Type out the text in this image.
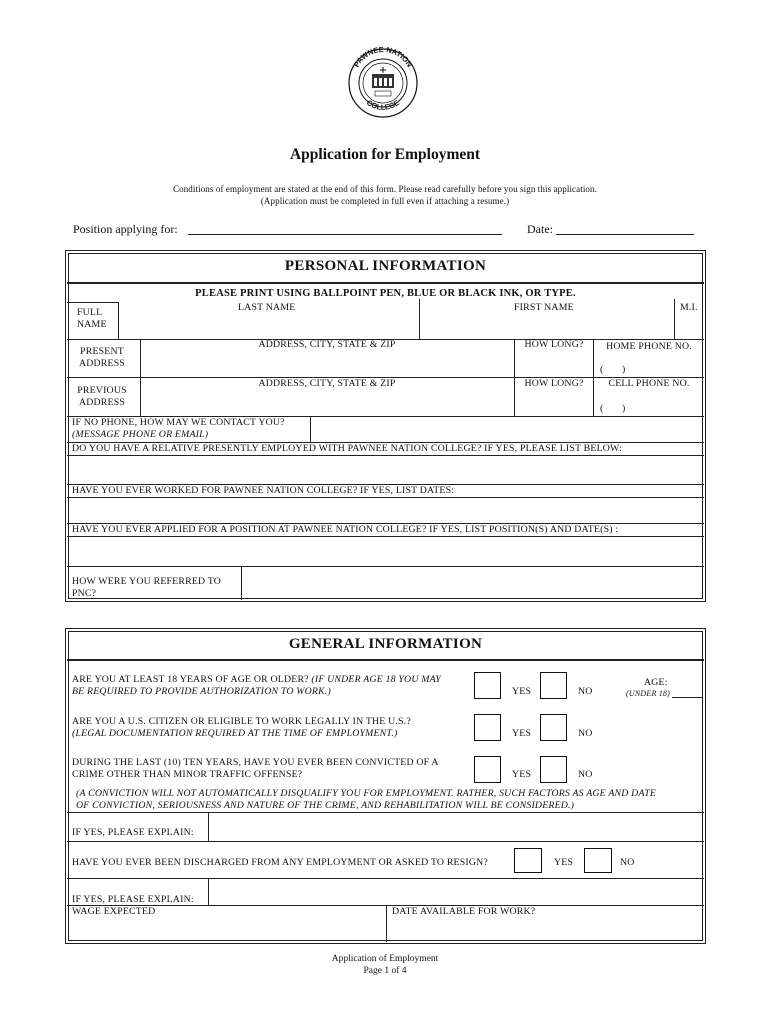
PAWNEE NATION
COLLEGE
Application for Employment
Conditions of employment are stated at the end of this form. Please read carefully before you sign this application.
(Application must be completed in full even if attaching a resume.)
Position applying for:	Date:
PERSONAL INFORMATION
PLEASE PRINT USING BALLPOINT PEN, BLUE OR BLACK INK, OR TYPE.
FULL NAME
LAST NAME	FIRST NAME	M.I.
PRESENT ADDRESS
ADDRESS, CITY, STATE & ZIP	HOW LONG?	HOME PHONE NO.
(       )
PREVIOUS ADDRESS
ADDRESS, CITY, STATE & ZIP	HOW LONG?	CELL PHONE NO.
(       )
IF NO PHONE, HOW MAY WE CONTACT YOU?
(MESSAGE PHONE OR EMAIL)
DO YOU HAVE A RELATIVE PRESENTLY EMPLOYED WITH PAWNEE NATION COLLEGE? IF YES, PLEASE LIST BELOW:
HAVE YOU EVER WORKED FOR PAWNEE NATION COLLEGE? IF YES, LIST DATES:
HAVE YOU EVER APPLIED FOR A POSITION AT PAWNEE NATION COLLEGE? IF YES, LIST POSITION(S) AND DATE(S) :
HOW WERE YOU REFERRED TO PNC?
GENERAL INFORMATION
ARE YOU AT LEAST 18 YEARS OF AGE OR OLDER? (IF UNDER AGE 18 YOU MAY
BE REQUIRED TO PROVIDE AUTHORIZATION TO WORK.)	YES	NO
AGE:
(UNDER 18)
ARE YOU A U.S. CITIZEN OR ELIGIBLE TO WORK LEGALLY IN THE U.S.?
(LEGAL DOCUMENTATION REQUIRED AT THE TIME OF EMPLOYMENT.)	YES	NO
DURING THE LAST (10) TEN YEARS, HAVE YOU EVER BEEN CONVICTED OF A
CRIME OTHER THAN MINOR TRAFFIC OFFENSE?	YES	NO
(A CONVICTION WILL NOT AUTOMATICALLY DISQUALIFY YOU FOR EMPLOYMENT. RATHER, SUCH FACTORS AS AGE AND DATE
OF CONVICTION, SERIOUSNESS AND NATURE OF THE CRIME, AND REHABILITATION WILL BE CONSIDERED.)
IF YES, PLEASE EXPLAIN:
HAVE YOU EVER BEEN DISCHARGED FROM ANY EMPLOYMENT OR ASKED TO RESIGN?	YES	NO
IF YES, PLEASE EXPLAIN:
WAGE EXPECTED	DATE AVAILABLE FOR WORK?
Application of Employment
Page 1 of 4
